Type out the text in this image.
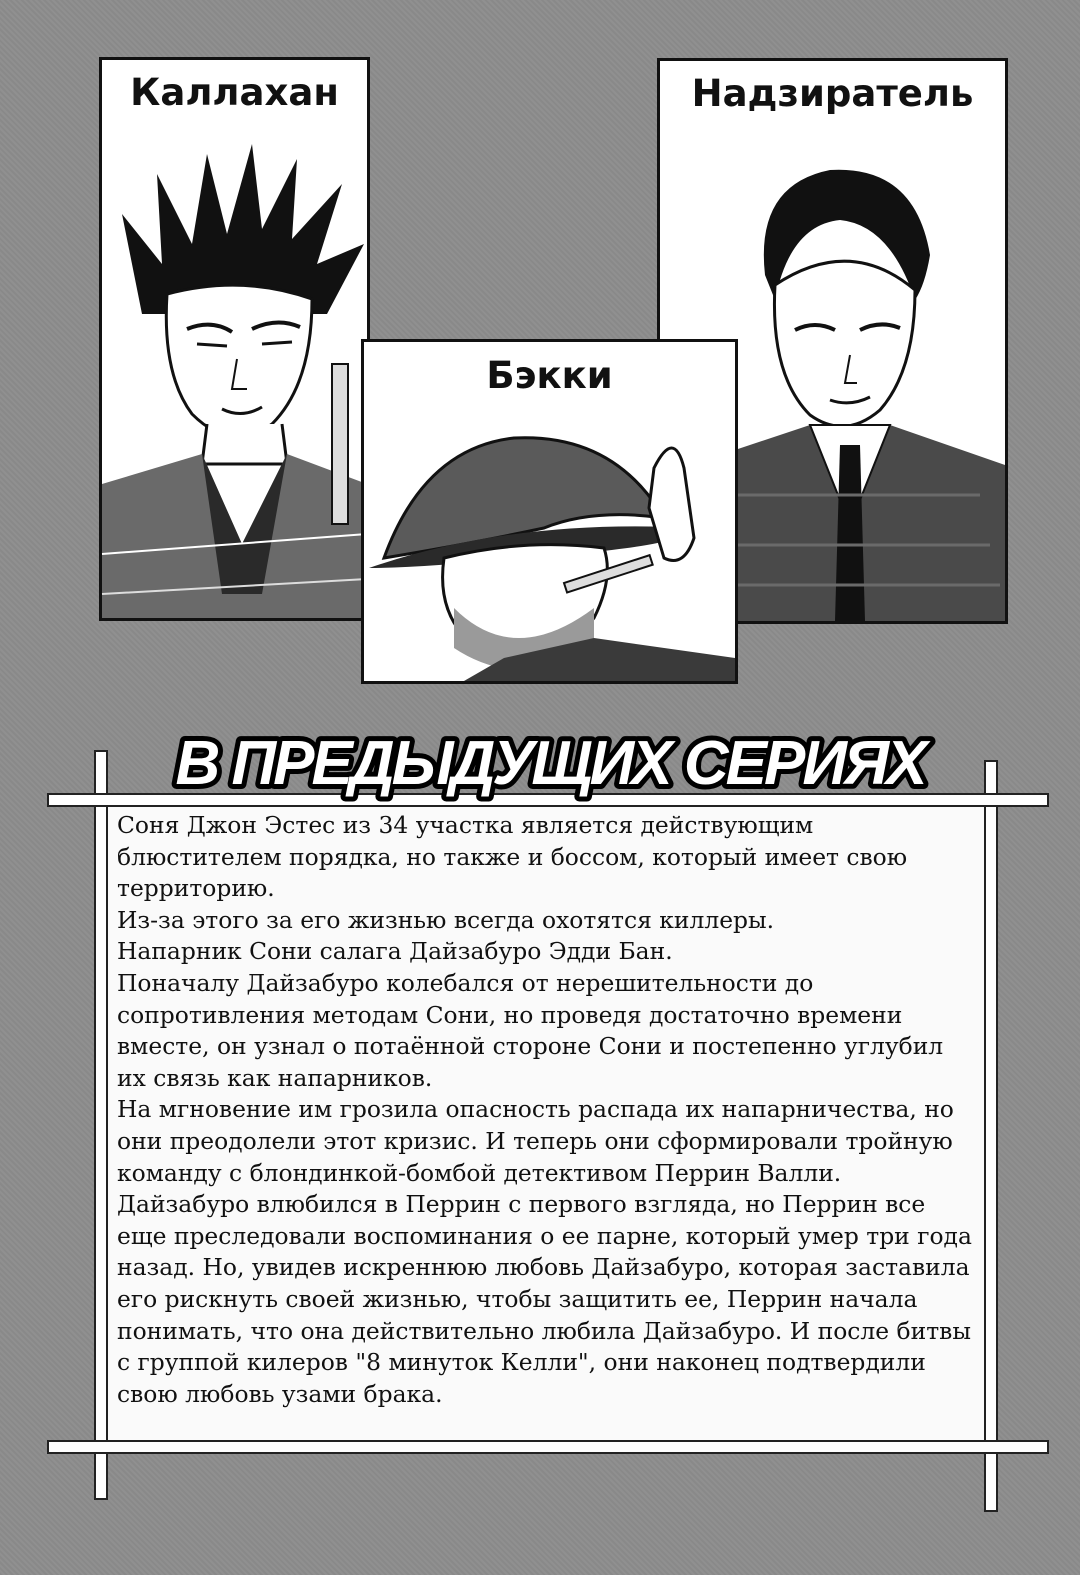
Каллахан	Надзиратель
Бэкки
В ПРЕДЫДУЩИХ СЕРИЯХ

Соня Джон Эстес из 34 участка является действующим блюстителем порядка, но также и боссом, который имеет свою территорию.

Из-за этого за его жизнью всегда охотятся киллеры.

Напарник Сони салага Дайзабуро Эдди Бан.

Поначалу Дайзабуро колебался от нерешительности до сопротивления методам Сони, но проведя достаточно времени вместе, он узнал о потаённой стороне Сони и постепенно углубил их связь как напарников.

На мгновение им грозила опасность распада их напарничества, но они преодолели этот кризис. И теперь они сформировали тройную команду с блондинкой-бомбой детективом Перрин Валли.

Дайзабуро влюбился в Перрин с первого взгляда, но Перрин все еще преследовали воспоминания о ее парне, который умер три года назад. Но, увидев искреннюю любовь Дайзабуро, которая заставила его рискнуть своей жизнью, чтобы защитить ее, Перрин начала понимать, что она действительно любила Дайзабуро. И после битвы с группой килеров "8 минуток Келли", они наконец подтвердили свою любовь узами брака.
